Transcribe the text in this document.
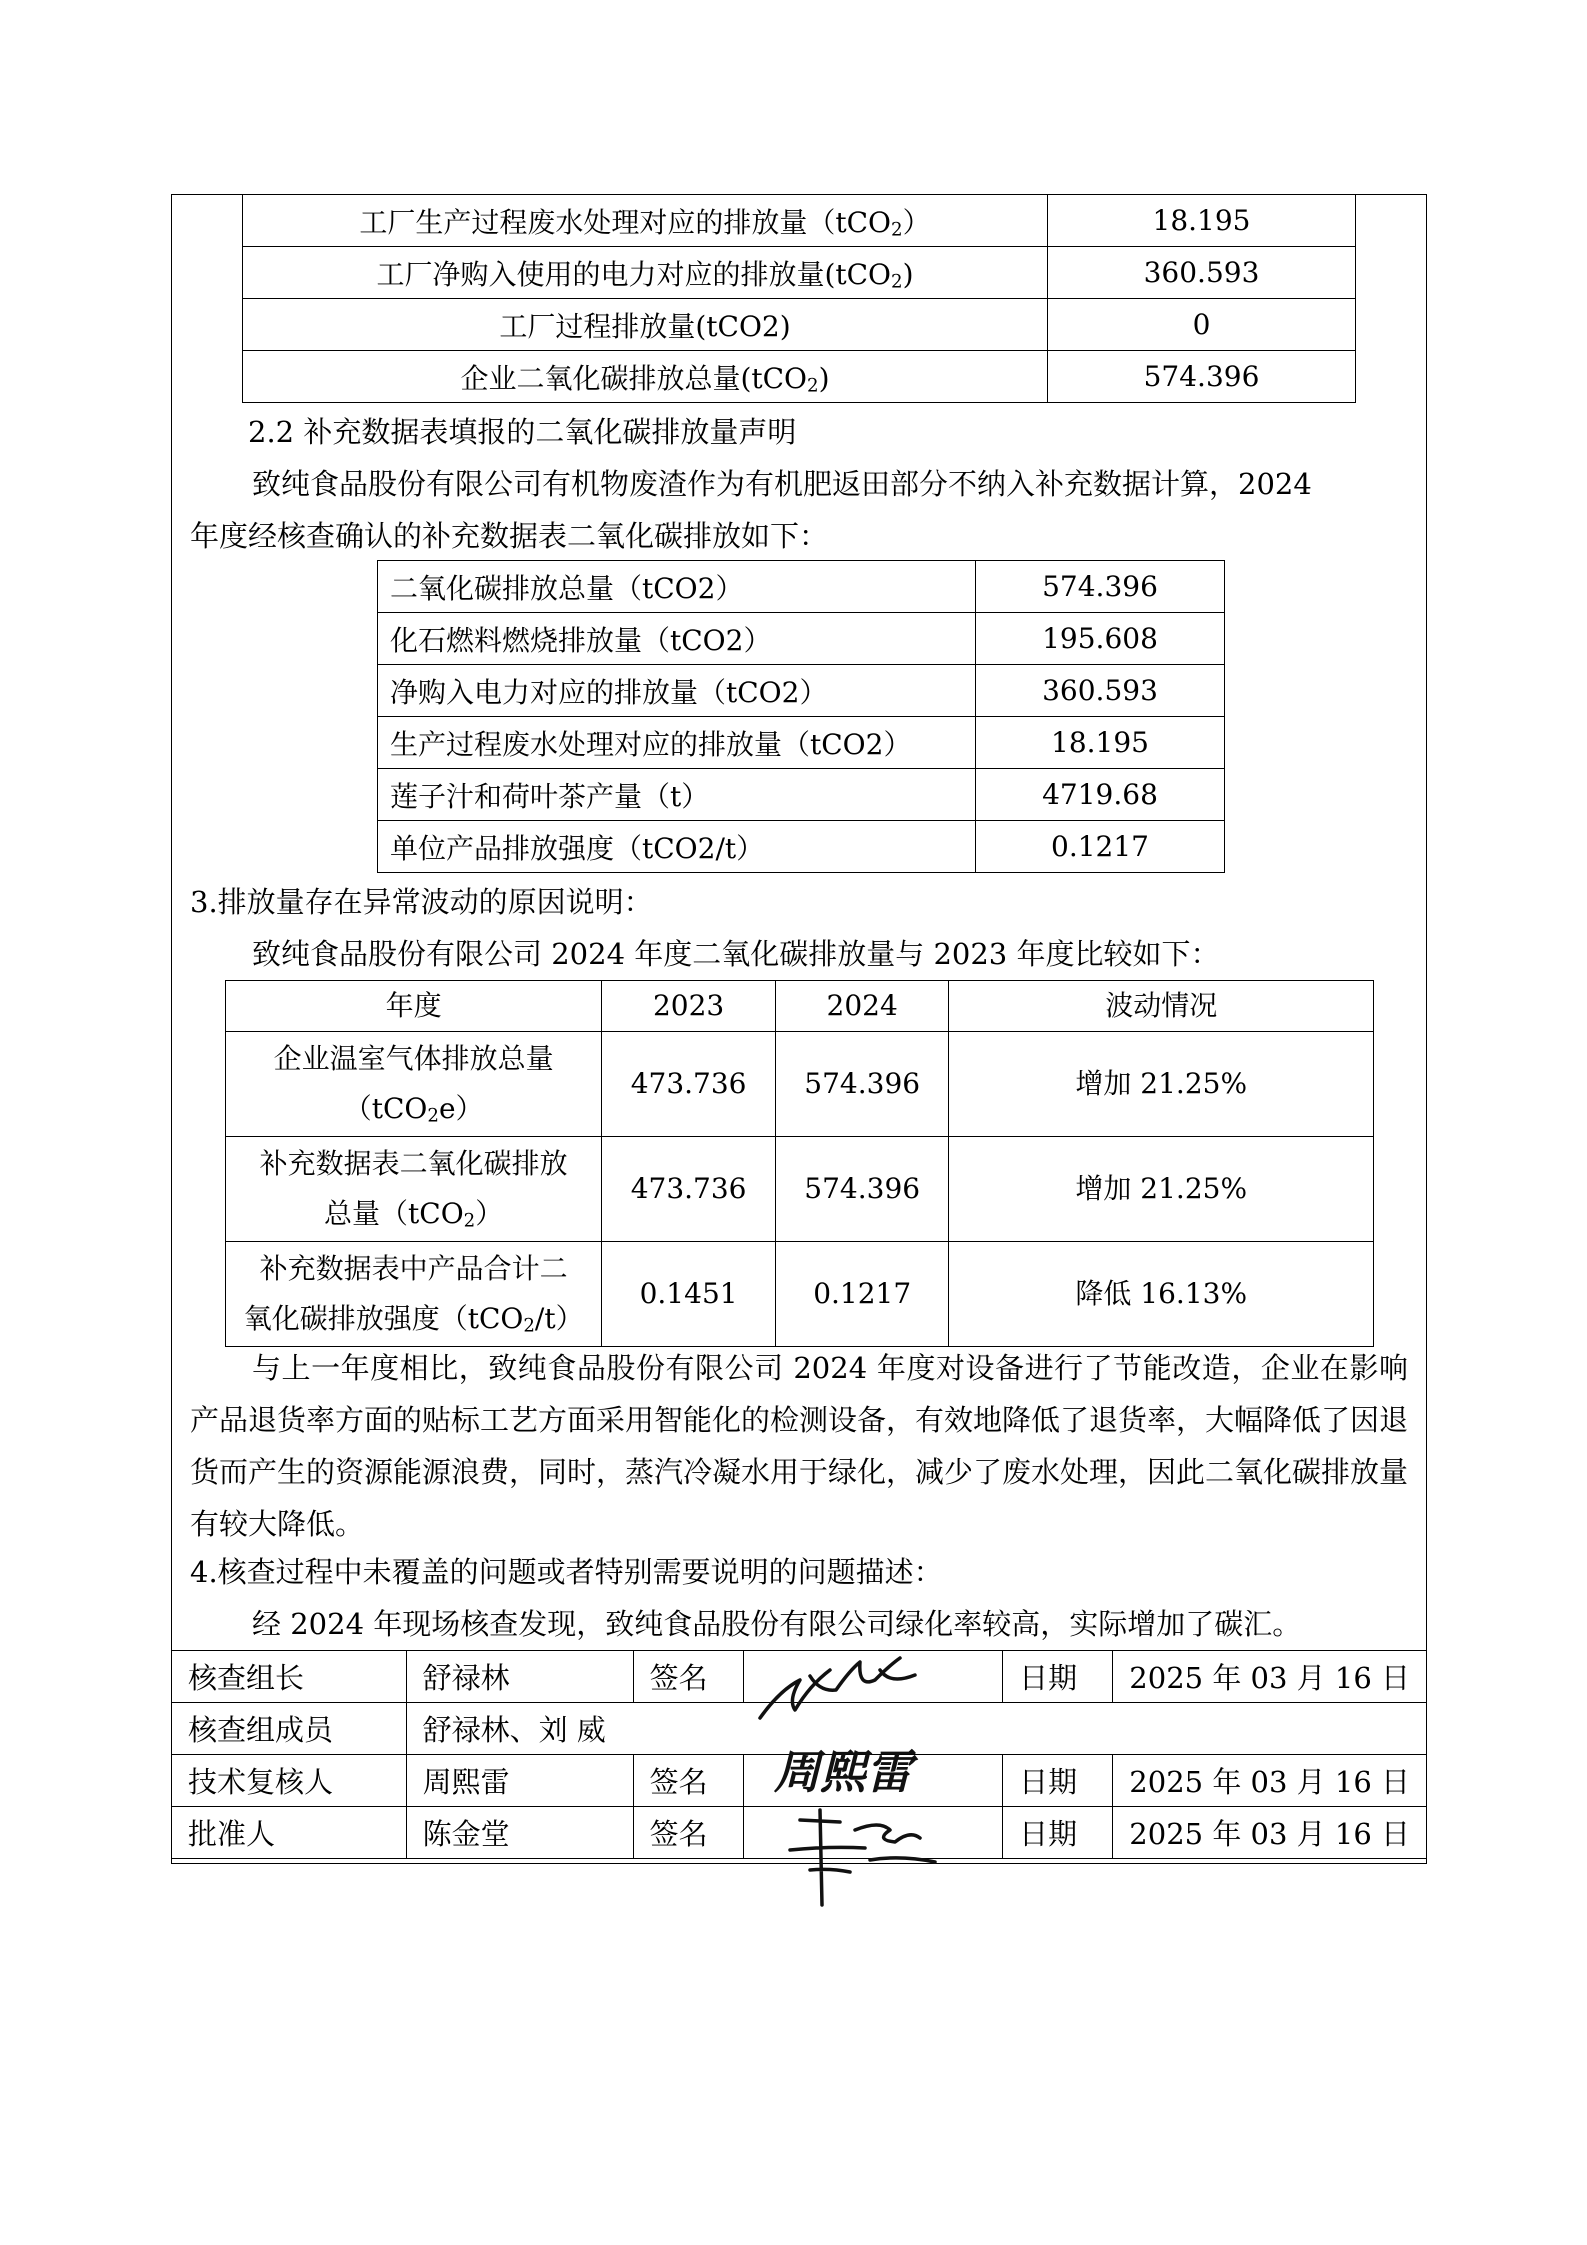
工厂生产过程废水处理对应的排放量（tCO$_2$）	18.195
工厂净购入使用的电力对应的排放量(tCO$_2$)	360.593
工厂过程排放量(tCO2)	0
企业二氧化碳排放总量(tCO$_2$)	574.396
2.2 补充数据表填报的二氧化碳排放量声明
致纯食品股份有限公司有机物废渣作为有机肥返田部分不纳入补充数据计算，2024
年度经核查确认的补充数据表二氧化碳排放如下：
二氧化碳排放总量（tCO2）	574.396
化石燃料燃烧排放量（tCO2）	195.608
净购入电力对应的排放量（tCO2）	360.593
生产过程废水处理对应的排放量（tCO2）	18.195
莲子汁和荷叶茶产量（t）	4719.68
单位产品排放强度（tCO2/t）	0.1217
3.排放量存在异常波动的原因说明：
致纯食品股份有限公司 2024 年度二氧化碳排放量与 2023 年度比较如下：
年度	2023	2024	波动情况

企业温室气体排放总量
（tCO$_2$e）	473.736	574.396	增加 21.25%

补充数据表二氧化碳排放
总量（tCO$_2$）	473.736	574.396	增加 21.25%

补充数据表中产品合计二
氧化碳排放强度（tCO$_2$/t）	0.1451	0.1217	降低 16.13%
与上一年度相比，致纯食品股份有限公司 2024 年度对设备进行了节能改造，企业在影响产品退货率方面的贴标工艺方面采用智能化的检测设备，有效地降低了退货率，大幅降低了因退货而产生的资源能源浪费，同时，蒸汽冷凝水用于绿化，减少了废水处理，因此二氧化碳排放量有较大降低。
4.核查过程中未覆盖的问题或者特别需要说明的问题描述：
经 2024 年现场核查发现，致纯食品股份有限公司绿化率较高，实际增加了碳汇。
核查组长	舒禄林	签名		日期	2025 年 03 月 16 日
核查组成员	舒禄林、刘 威				
技术复核人	周熙雷	签名		日期	2025 年 03 月 16 日
批准人	陈金堂	签名		日期	2025 年 03 月 16 日
周熙雷
